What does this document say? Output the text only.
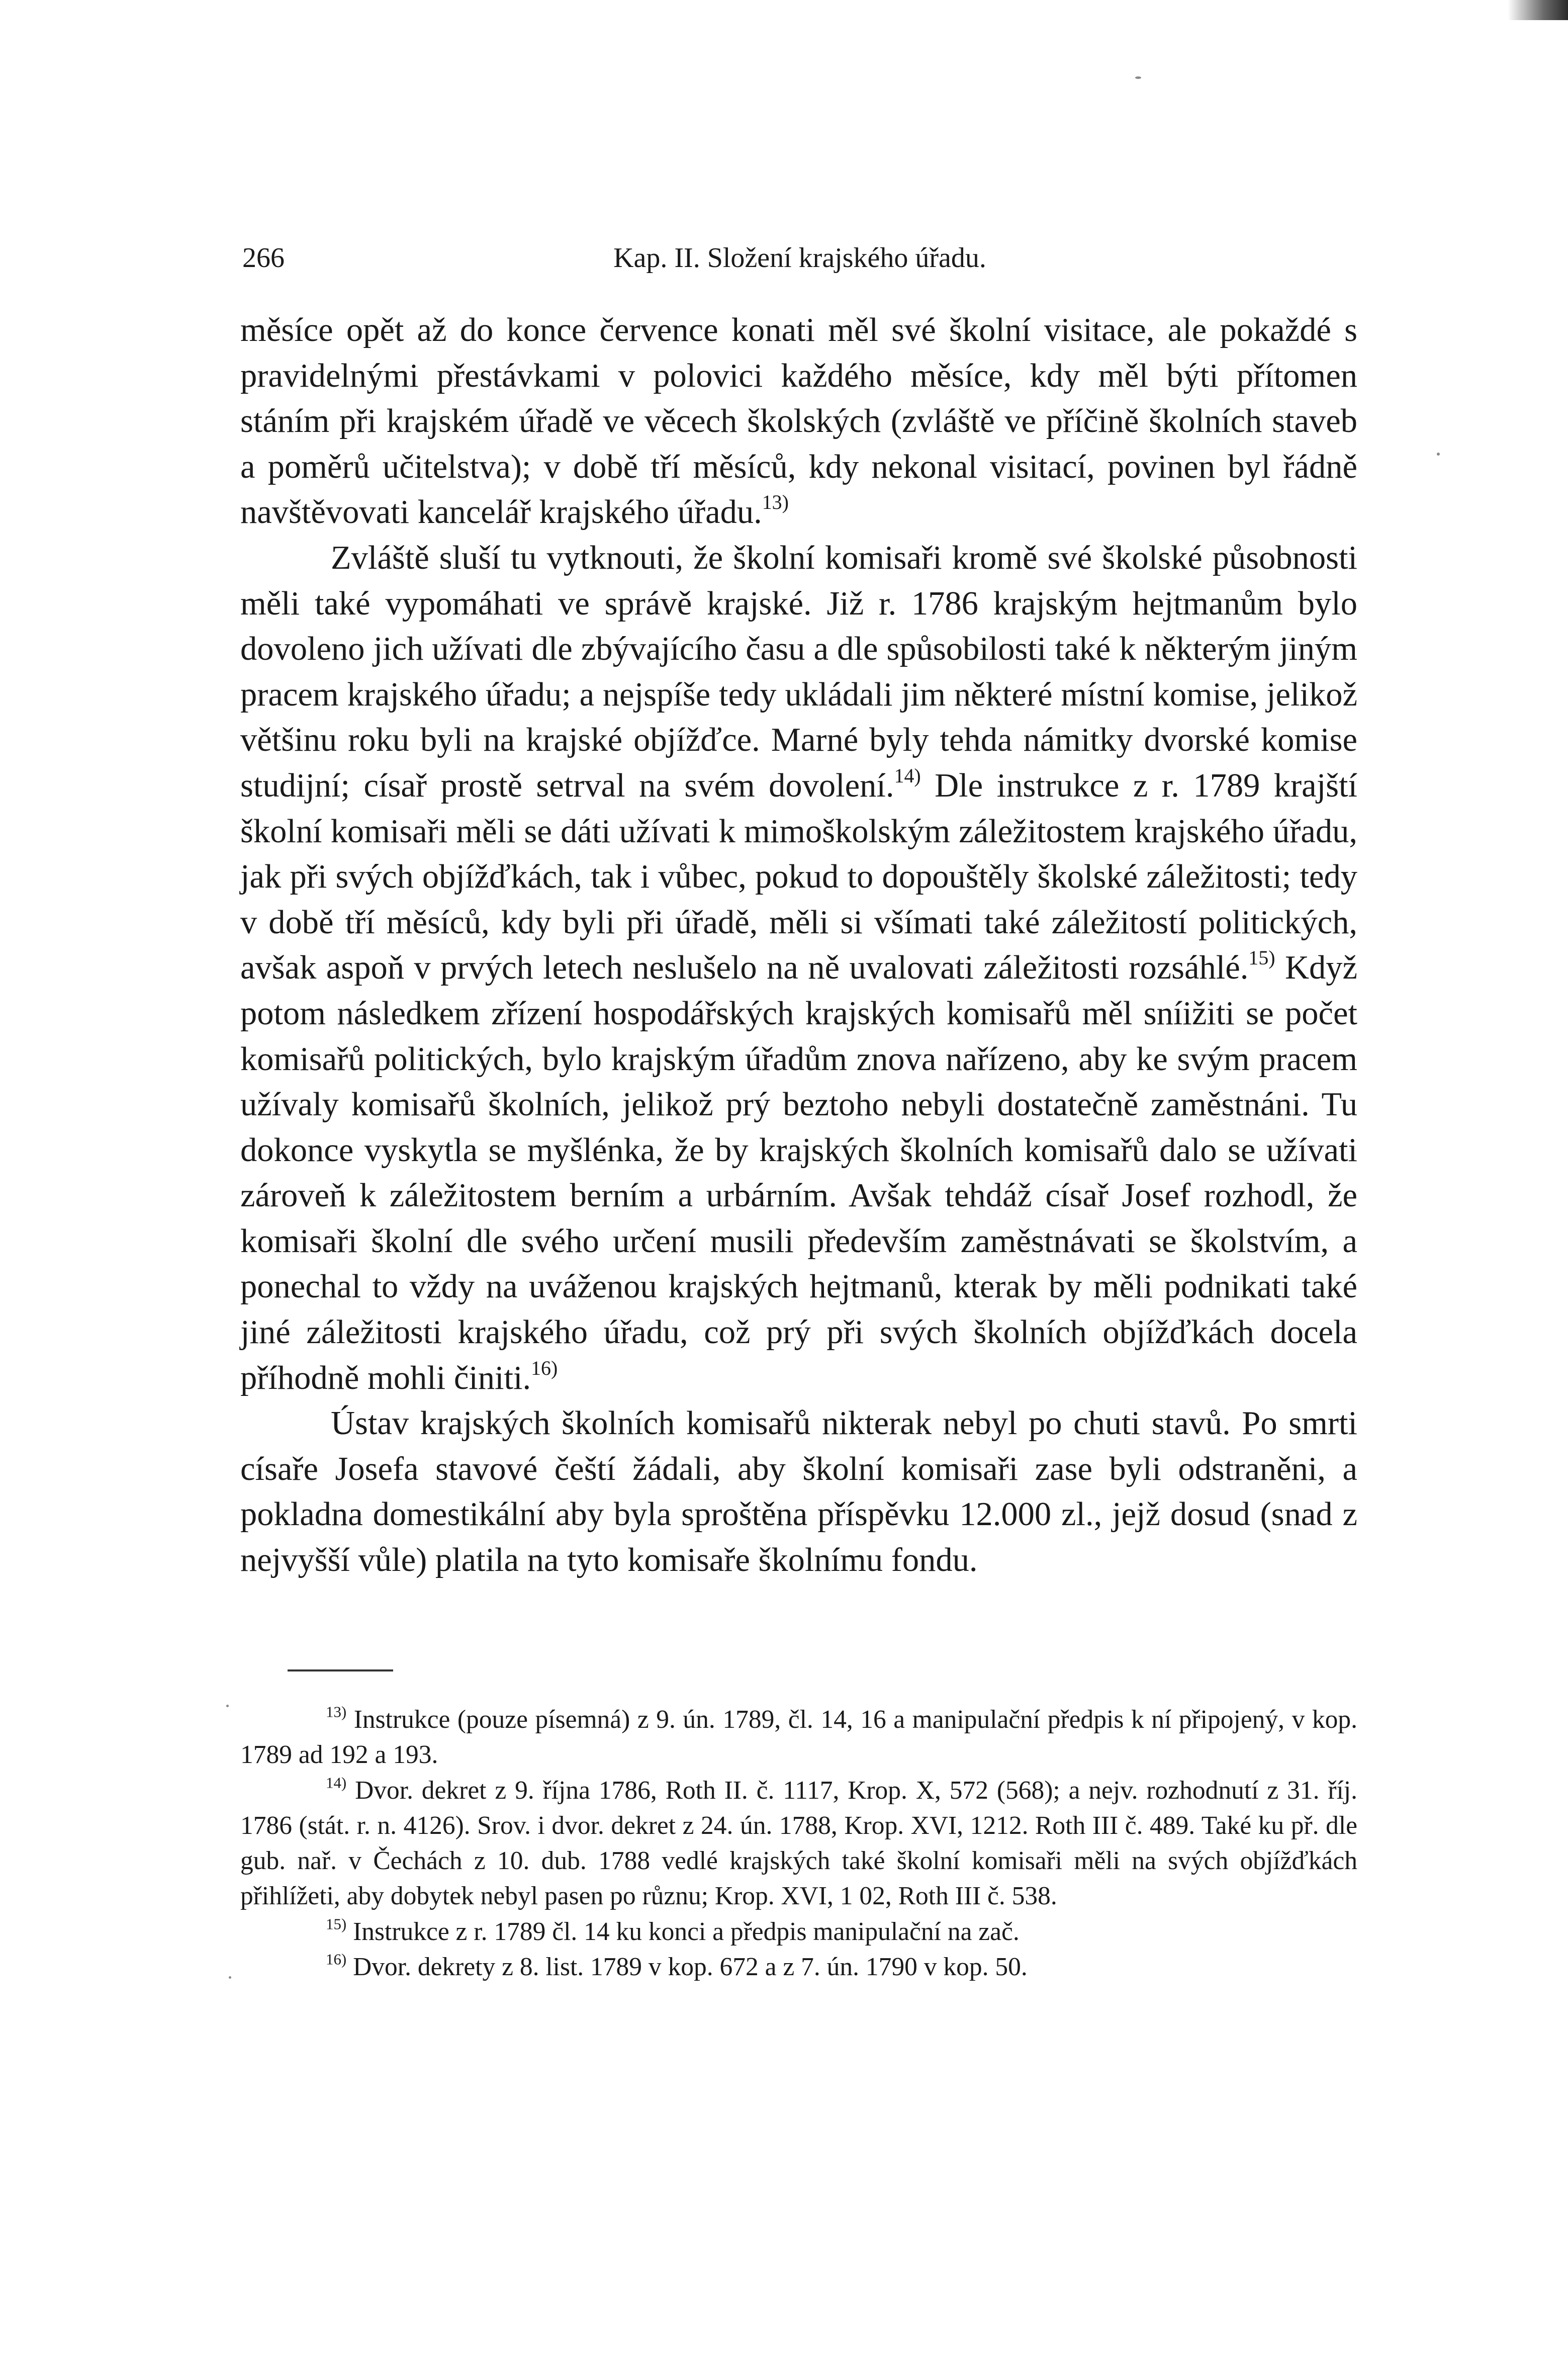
266	Kap. II. Složení krajského úřadu.

měsíce opět až do konce července konati měl své školní visitace, ale pokaždé s pravidelnými přestávkami v polovici každého měsíce, kdy měl býti přítomen stáním při krajském úřadě ve věcech školských (zvláště ve příčině školních staveb a poměrů učitelstva); v době tří měsíců, kdy nekonal visitací, povinen byl řádně navštěvovati kancelář krajského úřadu.$^{13)}$

Zvláště sluší tu vytknouti, že školní komisaři kromě své školské působnosti měli také vypomáhati ve správě krajské. Již r. 1786 krajským hejtmanům bylo dovoleno jich užívati dle zbývajícího času a dle spůsobilosti také k některým jiným pracem krajského úřadu; a nejspíše tedy ukládali jim některé místní komise, jelikož většinu roku byli na krajské objížďce. Marné byly tehda námitky dvorské komise studijní; císař prostě setrval na svém dovolení.$^{14)}$ Dle instrukce z r. 1789 krajští školní komisaři měli se dáti užívati k mimoškolským záležitostem krajského úřadu, jak při svých objížďkách, tak i vůbec, pokud to dopouštěly školské záležitosti; tedy v době tří měsíců, kdy byli při úřadě, měli si všímati také záležitostí politických, avšak aspoň v prvých letech neslušelo na ně uvalovati záležitosti rozsáhlé.$^{15)}$ Když potom následkem zřízení hospodářských krajských komisařů měl sníižiti se počet komisařů politických, bylo krajským úřadům znova nařízeno, aby ke svým pracem užívaly komisařů školních, jelikož prý beztoho nebyli dostatečně zaměstnáni. Tu dokonce vyskytla se myšlénka, že by krajských školních komisařů dalo se užívati zároveň k záležitostem berním a urbárním. Avšak tehdáž císař Josef rozhodl, že komisaři školní dle svého určení musili především zaměstnávati se školstvím, a ponechal to vždy na uváženou krajských hejtmanů, kterak by měli podnikati také jiné záležitosti krajského úřadu, což prý při svých školních objížďkách docela příhodně mohli činiti.$^{16)}$

Ústav krajských školních komisařů nikterak nebyl po chuti stavů. Po smrti císaře Josefa stavové čeští žádali, aby školní komisaři zase byli odstraněni, a pokladna domestikální aby byla sproštěna příspěvku 12.000 zl., jejž dosud (snad z nejvyšší vůle) platila na tyto komisaře školnímu fondu.

$^{13)}$ Instrukce (pouze písemná) z 9. ún. 1789, čl. 14, 16 a manipulační předpis k ní připojený, v kop. 1789 ad 192 a 193.

$^{14)}$ Dvor. dekret z 9. října 1786, Roth II. č. 1117, Krop. X, 572 (568); a nejv. rozhodnutí z 31. říj. 1786 (stát. r. n. 4126). Srov. i dvor. dekret z 24. ún. 1788, Krop. XVI, 1212. Roth III č. 489. Také ku př. dle gub. nař. v Čechách z 10. dub. 1788 vedlé krajských také školní komisaři měli na svých objížďkách přihlížeti, aby dobytek nebyl pasen po různu; Krop. XVI, 1 02, Roth III č. 538.

$^{15)}$ Instrukce z r. 1789 čl. 14 ku konci a předpis manipulační na zač.

$^{16)}$ Dvor. dekrety z 8. list. 1789 v kop. 672 a z 7. ún. 1790 v kop. 50.
